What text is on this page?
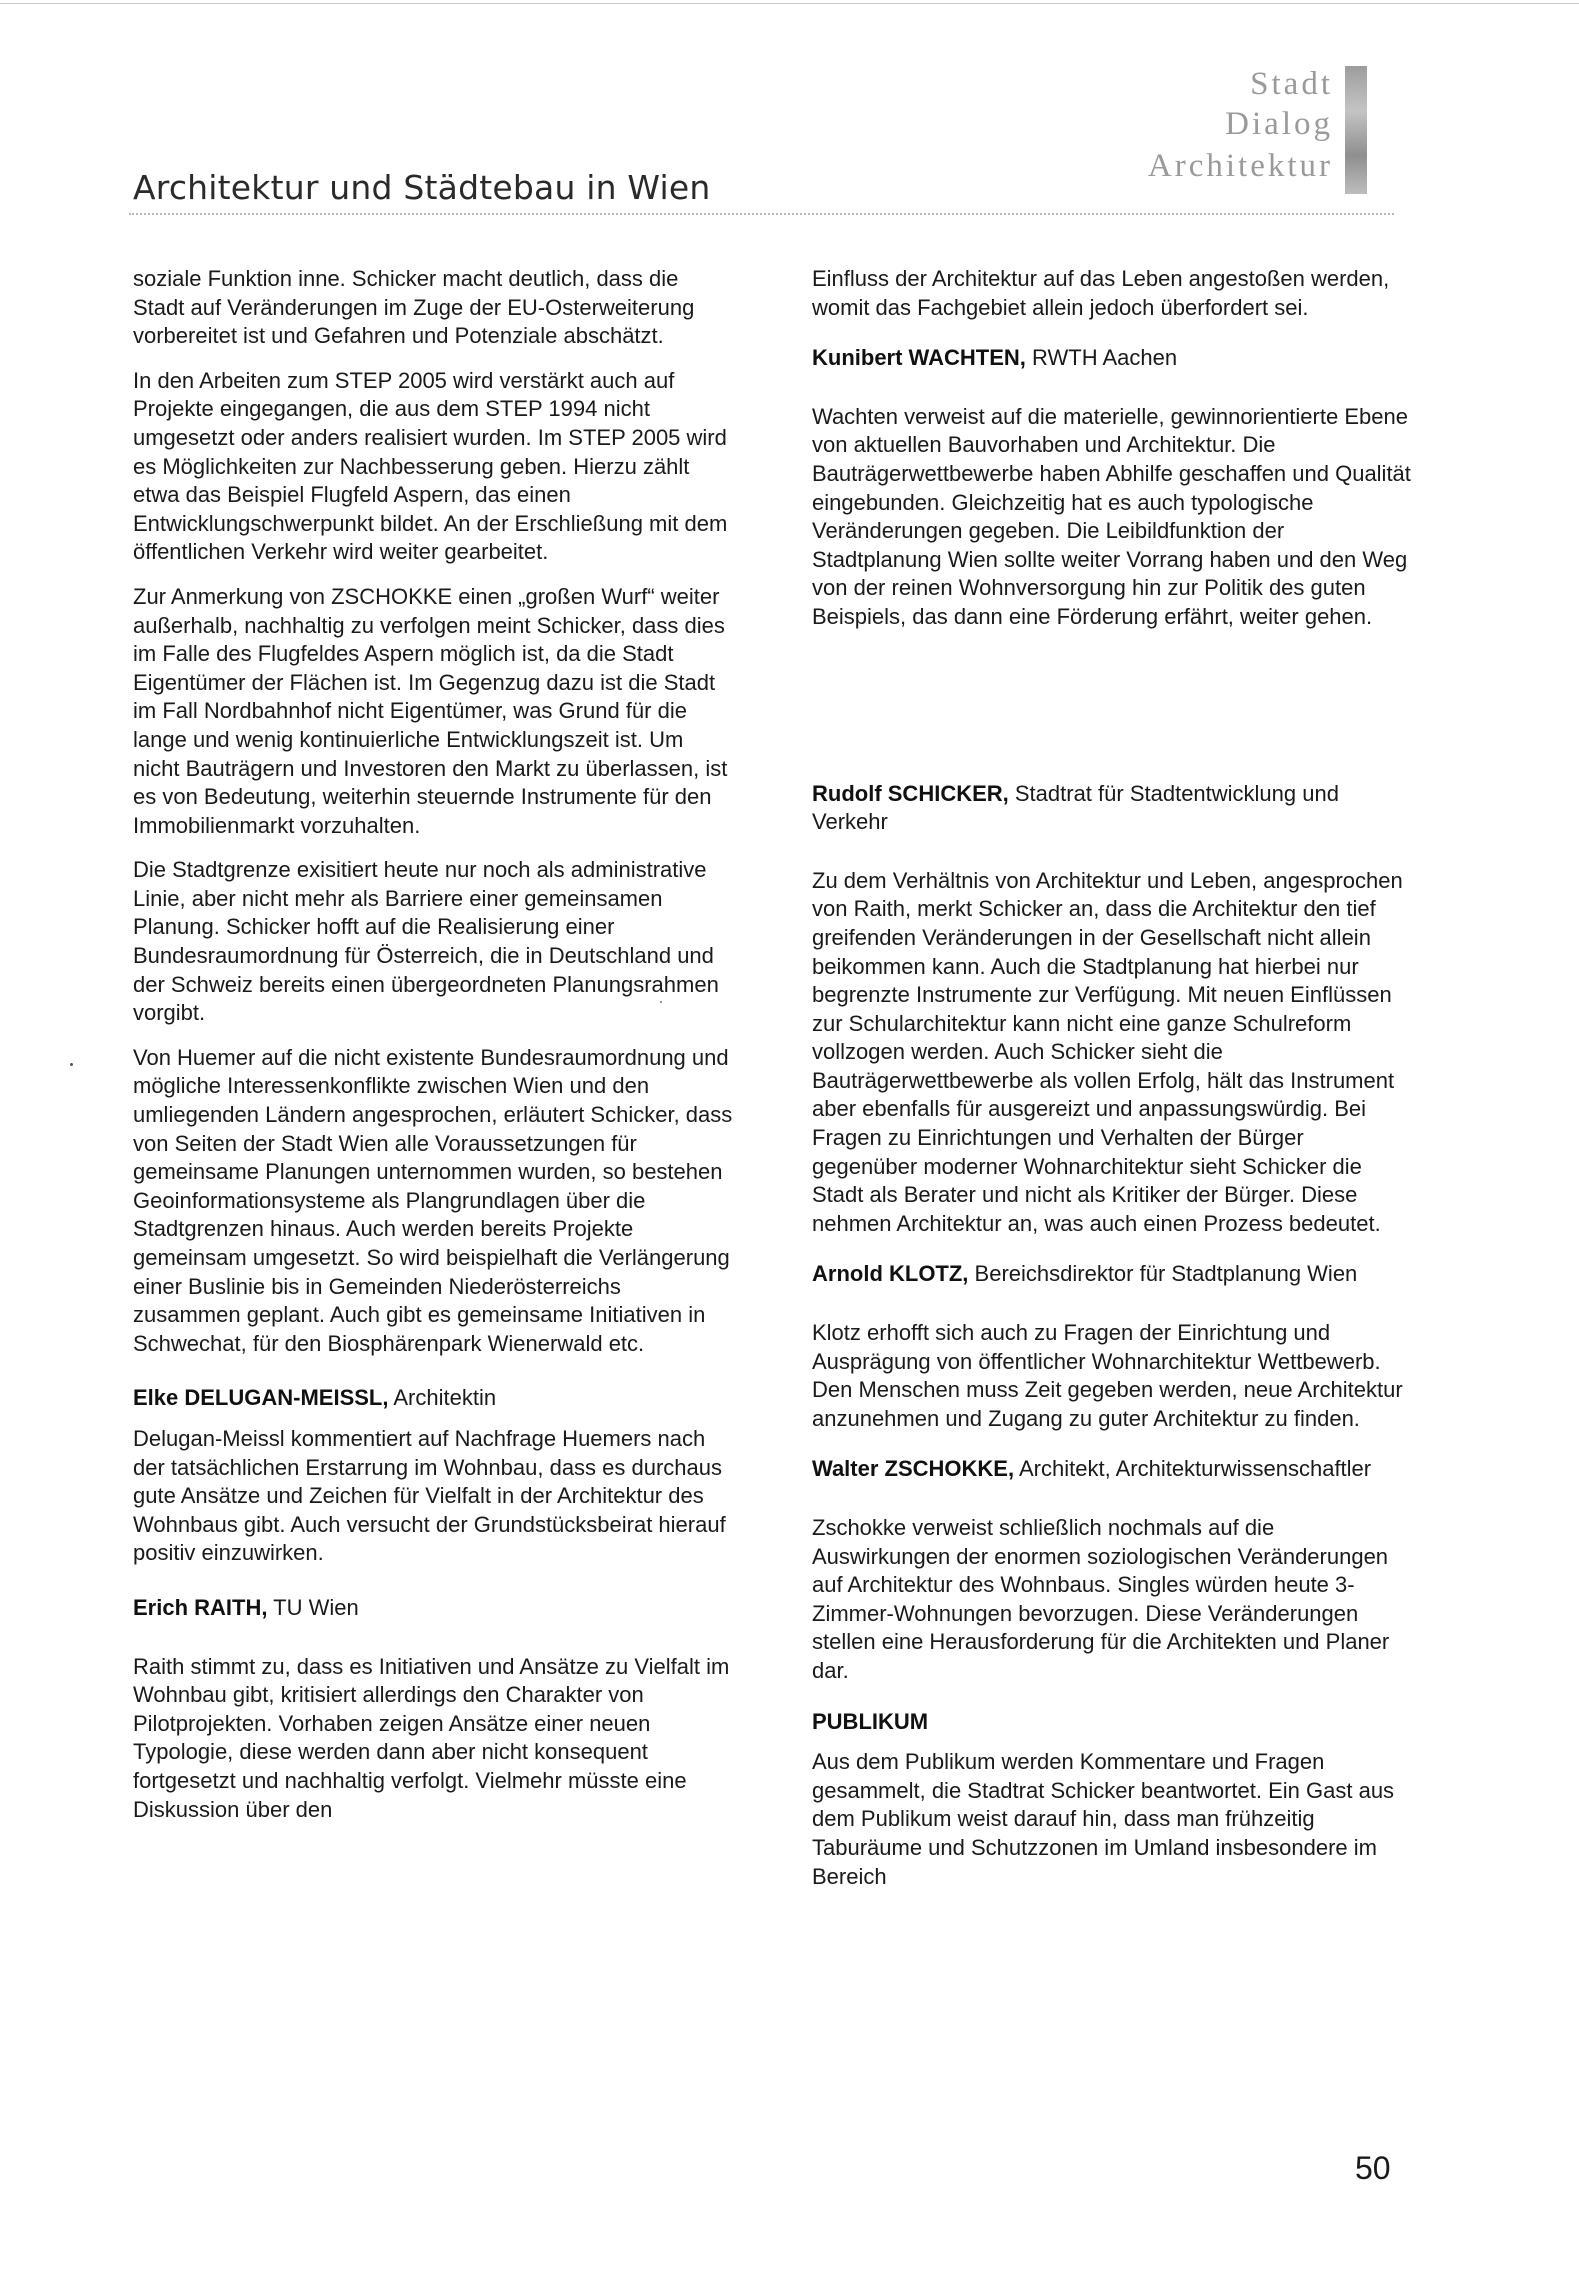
Architektur und Städtebau in Wien
Stadt
Dialog
Architektur

soziale Funktion inne. Schicker macht deutlich, dass die Stadt auf Veränderungen im Zuge der EU-Osterweiterung vorbereitet ist und Gefahren und Potenziale abschätzt.

In den Arbeiten zum STEP 2005 wird verstärkt auch auf Projekte eingegangen, die aus dem STEP 1994 nicht umgesetzt oder anders realisiert wurden. Im STEP 2005 wird es Möglichkeiten zur Nachbesserung geben. Hierzu zählt etwa das Beispiel Flugfeld Aspern, das einen Entwicklungschwerpunkt bildet. An der Erschließung mit dem öffentlichen Verkehr wird weiter gearbeitet.

Zur Anmerkung von ZSCHOKKE einen „großen Wurf“ weiter außerhalb, nachhaltig zu verfolgen meint Schicker, dass dies im Falle des Flugfeldes Aspern möglich ist, da die Stadt Eigentümer der Flächen ist. Im Gegenzug dazu ist die Stadt im Fall Nordbahnhof nicht Eigentümer, was Grund für die lange und wenig kontinuierliche Entwicklungszeit ist. Um nicht Bauträgern und Investoren den Markt zu überlassen, ist es von Bedeutung, weiterhin steuernde Instrumente für den Immobilienmarkt vorzuhalten.

Die Stadtgrenze exisitiert heute nur noch als administrative Linie, aber nicht mehr als Barriere einer gemeinsamen Planung. Schicker hofft auf die Realisierung einer Bundesraumordnung für Österreich, die in Deutschland und der Schweiz bereits einen übergeordneten Planungsrahmen vorgibt.

Von Huemer auf die nicht existente Bundesraumordnung und mögliche Interessenkonflikte zwischen Wien und den umliegenden Ländern angesprochen, erläutert Schicker, dass von Seiten der Stadt Wien alle Voraussetzungen für gemeinsame Planungen unternommen wurden, so bestehen Geoinformationsysteme als Plangrundlagen über die Stadtgrenzen hinaus. Auch werden bereits Projekte gemeinsam umgesetzt. So wird beispielhaft die Verlängerung einer Buslinie bis in Gemeinden Niederösterreichs zusammen geplant. Auch gibt es gemeinsame Initiativen in Schwechat, für den Biosphärenpark Wienerwald etc.

Elke DELUGAN-MEISSL, Architektin

Delugan-Meissl kommentiert auf Nachfrage Huemers nach der tatsächlichen Erstarrung im Wohnbau, dass es durchaus gute Ansätze und Zeichen für Vielfalt in der Architektur des Wohnbaus gibt. Auch versucht der Grundstücksbeirat hierauf positiv einzuwirken.

Erich RAITH, TU Wien

Raith stimmt zu, dass es Initiativen und Ansätze zu Vielfalt im Wohnbau gibt, kritisiert allerdings den Charakter von Pilotprojekten. Vorhaben zeigen Ansätze einer neuen Typologie, diese werden dann aber nicht konsequent fortgesetzt und nachhaltig verfolgt. Vielmehr müsste eine Diskussion über den

Einfluss der Architektur auf das Leben angestoßen werden, womit das Fachgebiet allein jedoch überfordert sei.

Kunibert WACHTEN, RWTH Aachen

Wachten verweist auf die materielle, gewinnorientierte Ebene von aktuellen Bauvorhaben und Architektur. Die Bauträgerwettbewerbe haben Abhilfe geschaffen und Qualität eingebunden. Gleichzeitig hat es auch typologische Veränderungen gegeben. Die Leibildfunktion der Stadtplanung Wien sollte weiter Vorrang haben und den Weg von der reinen Wohnversorgung hin zur Politik des guten Beispiels, das dann eine Förderung erfährt, weiter gehen.

Rudolf SCHICKER, Stadtrat für Stadtentwicklung und Verkehr

Zu dem Verhältnis von Architektur und Leben, angesprochen von Raith, merkt Schicker an, dass die Architektur den tief greifenden Veränderungen in der Gesellschaft nicht allein beikommen kann. Auch die Stadtplanung hat hierbei nur begrenzte Instrumente zur Verfügung. Mit neuen Einflüssen zur Schularchitektur kann nicht eine ganze Schulreform vollzogen werden. Auch Schicker sieht die Bauträgerwettbewerbe als vollen Erfolg, hält das Instrument aber ebenfalls für ausgereizt und anpassungswürdig. Bei Fragen zu Einrichtungen und Verhalten der Bürger gegenüber moderner Wohnarchitektur sieht Schicker die Stadt als Berater und nicht als Kritiker der Bürger. Diese nehmen Architektur an, was auch einen Prozess bedeutet.

Arnold KLOTZ, Bereichsdirektor für Stadtplanung Wien

Klotz erhofft sich auch zu Fragen der Einrichtung und Ausprägung von öffentlicher Wohnarchitektur Wettbewerb. Den Menschen muss Zeit gegeben werden, neue Architektur anzunehmen und Zugang zu guter Architektur zu finden.

Walter ZSCHOKKE, Architekt, Architekturwissenschaftler

Zschokke verweist schließlich nochmals auf die Auswirkungen der enormen soziologischen Veränderungen auf Architektur des Wohnbaus. Singles würden heute 3-Zimmer-Wohnungen bevorzugen. Diese Veränderungen stellen eine Herausforderung für die Architekten und Planer dar.

PUBLIKUM

Aus dem Publikum werden Kommentare und Fragen gesammelt, die Stadtrat Schicker beantwortet. Ein Gast aus dem Publikum weist darauf hin, dass man frühzeitig Taburäume und Schutzzonen im Umland insbesondere im Bereich

50
